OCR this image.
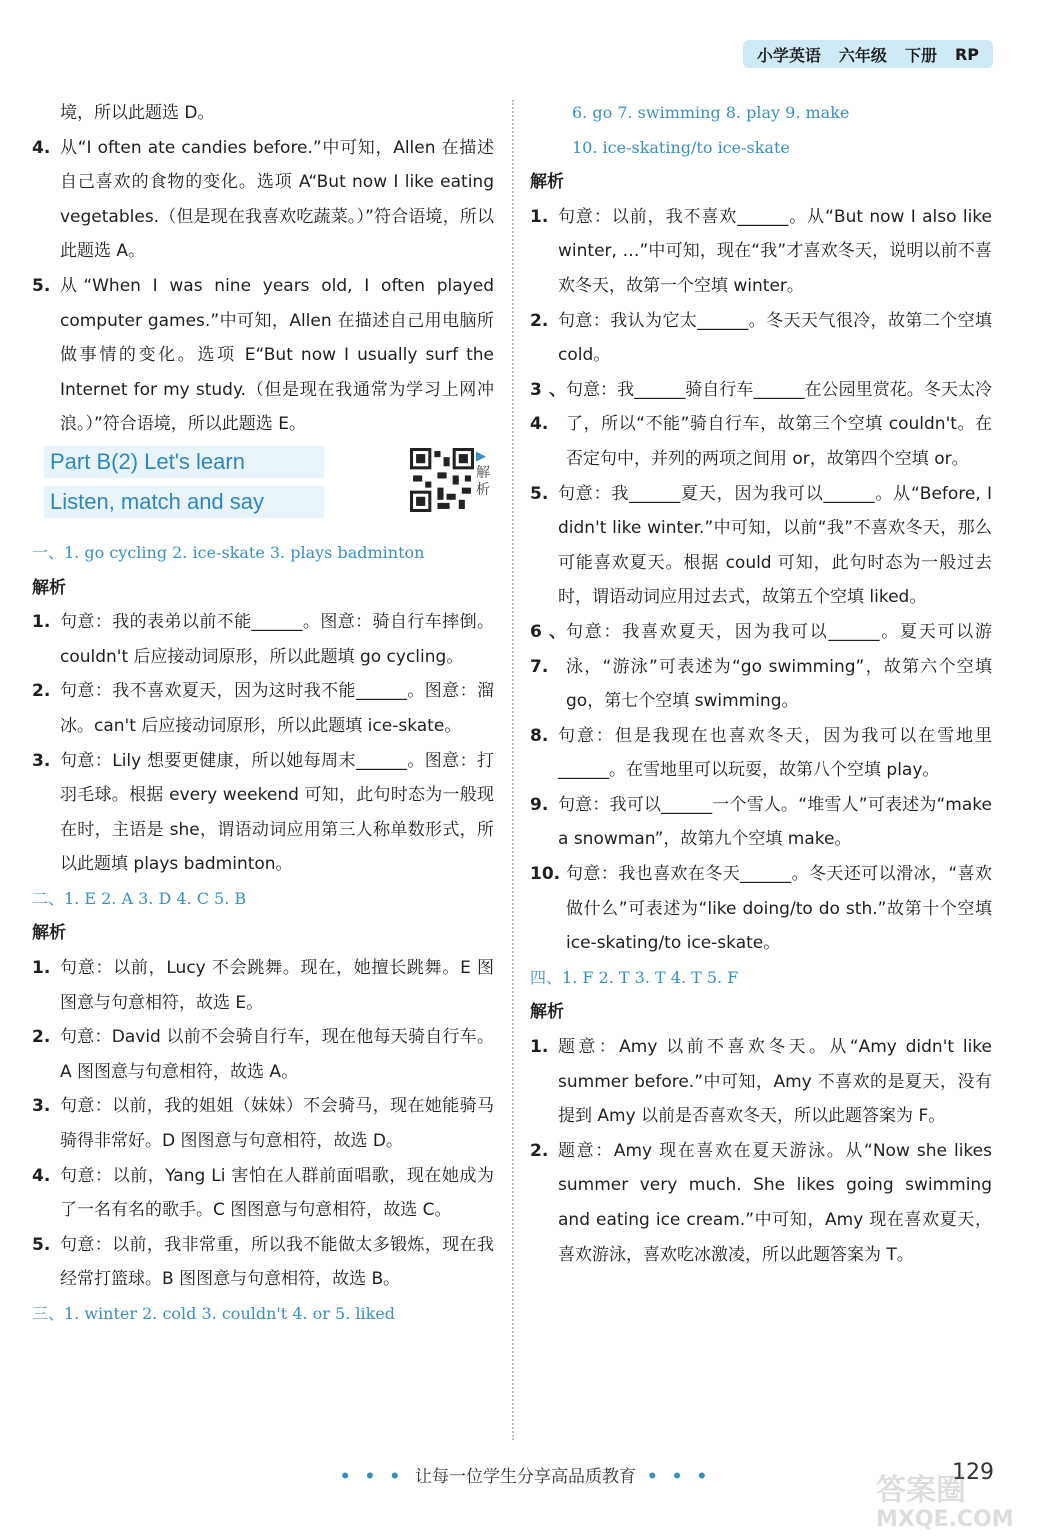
小学英语 六年级 下册 RP
境，所以此题选 D。
4. 从“I often ate candies before.”中可知，Allen 在描述自己喜欢的食物的变化。选项 A“But now I like eating vegetables.（但是现在我喜欢吃蔬菜。）”符合语境，所以此题选 A。
5. 从“When I was nine years old, I often played computer games.”中可知，Allen 在描述自己用电脑所做事情的变化。选项 E“But now I usually surf the Internet for my study.（但是现在我通常为学习上网冲浪。）”符合语境，所以此题选 E。
Part B(2) Let's learn
Listen, match and say
▶ 解析
一、1. go cycling 2. ice-skate 3. plays badminton
解析
1. 句意：我的表弟以前不能______。图意：骑自行车摔倒。couldn't 后应接动词原形，所以此题填 go cycling。
2. 句意：我不喜欢夏天，因为这时我不能______。图意：溜冰。can't 后应接动词原形，所以此题填 ice-skate。
3. 句意：Lily 想要更健康，所以她每周末______。图意：打羽毛球。根据 every weekend 可知，此句时态为一般现在时，主语是 she，谓语动词应用第三人称单数形式，所以此题填 plays badminton。
二、1. E 2. A 3. D 4. C 5. B
解析
1. 句意：以前，Lucy 不会跳舞。现在，她擅长跳舞。E 图图意与句意相符，故选 E。
2. 句意：David 以前不会骑自行车，现在他每天骑自行车。A 图图意与句意相符，故选 A。
3. 句意：以前，我的姐姐（妹妹）不会骑马，现在她能骑马骑得非常好。D 图图意与句意相符，故选 D。
4. 句意：以前，Yang Li 害怕在人群前面唱歌，现在她成为了一名有名的歌手。C 图图意与句意相符，故选 C。
5. 句意：以前，我非常重，所以我不能做太多锻炼，现在我经常打篮球。B 图图意与句意相符，故选 B。
三、1. winter 2. cold 3. couldn't 4. or 5. liked
6. go 7. swimming 8. play 9. make
10. ice-skating/to ice-skate
解析
1. 句意：以前，我不喜欢______。从“But now I also like winter, …”中可知，现在“我”才喜欢冬天，说明以前不喜欢冬天，故第一个空填 winter。
2. 句意：我认为它太______。冬天天气很冷，故第二个空填 cold。
3、4.
句意：我______骑自行车______在公园里赏花。冬天太冷了，所以“不能”骑自行车，故第三个空填 couldn't。在否定句中，并列的两项之间用 or，故第四个空填 or。
5. 句意：我______夏天，因为我可以______。从“Before, I didn't like winter.”中可知，以前“我”不喜欢冬天，那么可能喜欢夏天。根据 could 可知，此句时态为一般过去时，谓语动词应用过去式，故第五个空填 liked。
6、7.
句意：我喜欢夏天，因为我可以______。夏天可以游泳，“游泳”可表述为“go swimming”，故第六个空填 go，第七个空填 swimming。
8. 句意：但是我现在也喜欢冬天，因为我可以在雪地里______。在雪地里可以玩耍，故第八个空填 play。
9. 句意：我可以______一个雪人。“堆雪人”可表述为“make a snowman”，故第九个空填 make。
10. 句意：我也喜欢在冬天______。冬天还可以滑冰，“喜欢做什么”可表述为“like doing/to do sth.”故第十个空填 ice-skating/to ice-skate。
四、1. F 2. T 3. T 4. T 5. F
解析
1. 题意：Amy 以前不喜欢冬天。从“Amy didn't like summer before.”中可知，Amy 不喜欢的是夏天，没有提到 Amy 以前是否喜欢冬天，所以此题答案为 F。
2. 题意：Amy 现在喜欢在夏天游泳。从“Now she likes summer very much. She likes going swimming and eating ice cream.”中可知，Amy 现在喜欢夏天，喜欢游泳，喜欢吃冰激凌，所以此题答案为 T。
• • • 让每一位学生分享高品质教育 • • •	129
答案圈
MXQE.COM
